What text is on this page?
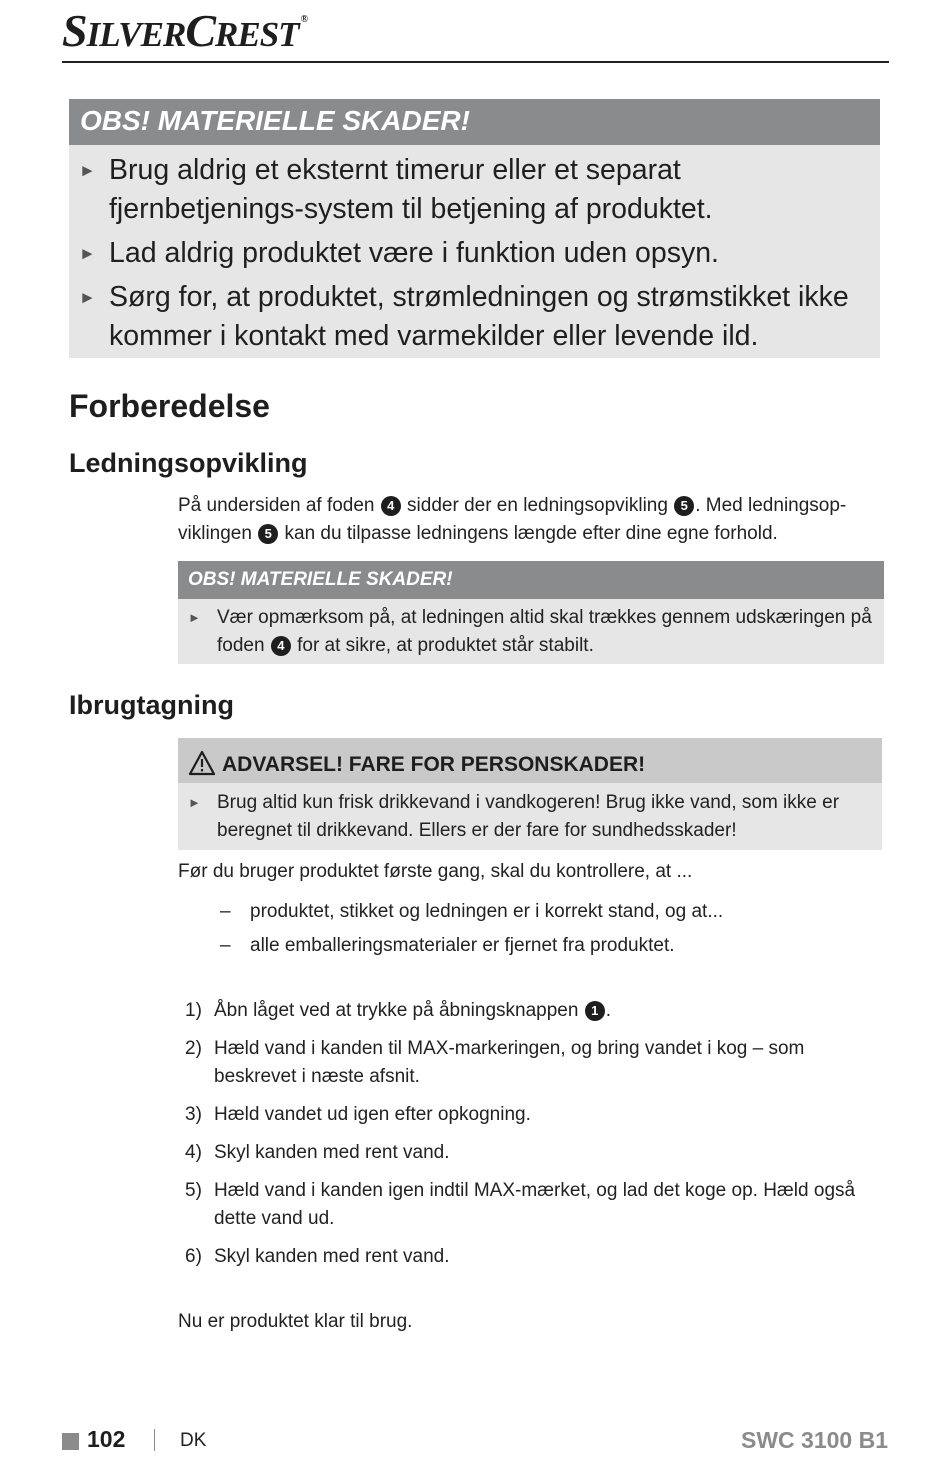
SILVERCREST ®
OBS! MATERIELLE SKADER!
► Brug aldrig et eksternt timerur eller et separat fjernbetjenings-system til betjening af produktet.
► Lad aldrig produktet være i funktion uden opsyn.
► Sørg for, at produktet, strømledningen og strømstikket ikke kommer i kontakt med varmekilder eller levende ild.
Forberedelse
Ledningsopvikling
På undersiden af foden 4 sidder der en ledningsopvikling 5 . Med ledningsop-viklingen 5 kan du tilpasse ledningens længde efter dine egne forhold.
OBS! MATERIELLE SKADER!
► Vær opmærksom på, at ledningen altid skal trækkes gennem udskæringen på foden 4 for at sikre, at produktet står stabilt.
Ibrugtagning
ADVARSEL! FARE FOR PERSONSKADER!
► Brug altid kun frisk drikkevand i vandkogeren! Brug ikke vand, som ikke er beregnet til drikkevand. Ellers er der fare for sundhedsskader!
Før du bruger produktet første gang, skal du kontrollere, at ...
–	produktet, stikket og ledningen er i korrekt stand, og at...
–	alle emballeringsmaterialer er fjernet fra produktet.
1) Åbn låget ved at trykke på åbningsknappen 1 .
2) Hæld vand i kanden til MAX-markeringen, og bring vandet i kog – som beskrevet i næste afsnit.
3) Hæld vandet ud igen efter opkogning.
4) Skyl kanden med rent vand.
5) Hæld vand i kanden igen indtil MAX-mærket, og lad det koge op. Hæld også dette vand ud.
6) Skyl kanden med rent vand.
Nu er produktet klar til brug.
102	DK	SWC 3100 B1
